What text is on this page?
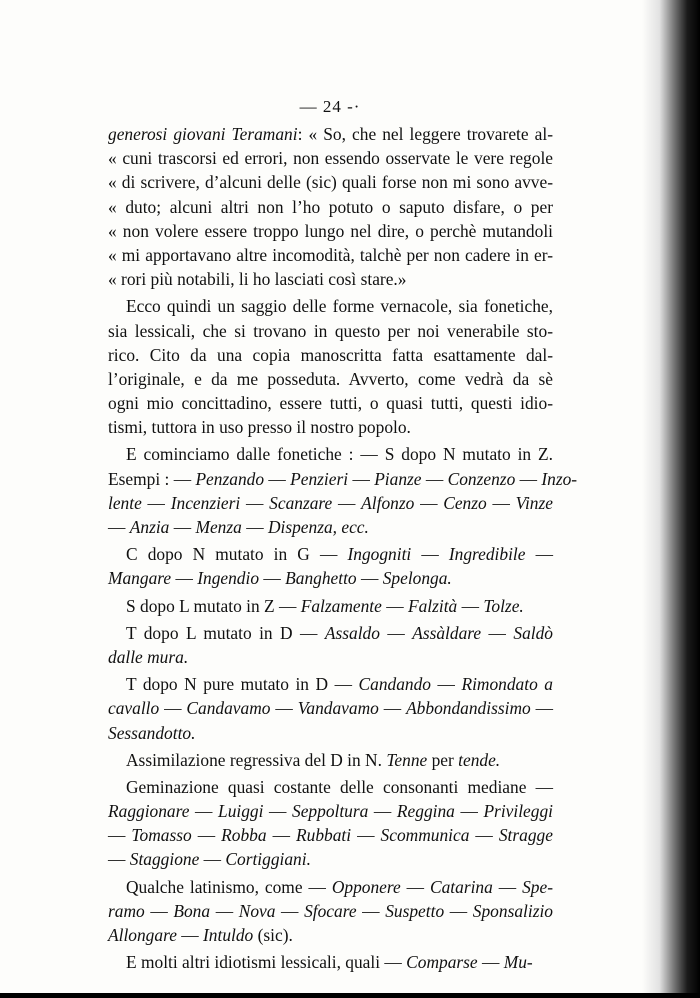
— 24 -·
generosi giovani Teramani: « So, che nel leggere trovarete al-
« cuni trascorsi ed errori, non essendo osservate le vere regole
« di scrivere, d’alcuni delle (sic) quali forse non mi sono avve-
« duto; alcuni altri non l’ho potuto o saputo disfare, o per
« non volere essere troppo lungo nel dire, o perchè mutandoli
« mi apportavano altre incomodità, talchè per non cadere in er-
« rori più notabili, li ho lasciati così stare.»
Ecco quindi un saggio delle forme vernacole, sia fonetiche,
sia lessicali, che si trovano in questo per noi venerabile sto-
rico. Cito da una copia manoscritta fatta esattamente dal-
l’originale, e da me posseduta. Avverto, come vedrà da sè
ogni mio concittadino, essere tutti, o quasi tutti, questi idio-
tismi, tuttora in uso presso il nostro popolo.
E cominciamo dalle fonetiche : — S dopo N mutato in Z.
Esempi : — Penzando — Penzieri — Pianze — Conzenzo — Inzo-
lente — Incenzieri — Scanzare — Alfonzo — Cenzo — Vinze
— Anzia — Menza — Dispenza, ecc.
C dopo N mutato in G — Ingogniti — Ingredibile —
Mangare — Ingendio — Banghetto — Spelonga.
S dopo L mutato in Z — Falzamente — Falzità — Tolze.
T dopo L mutato in D — Assaldo — Assàldare — Saldò
dalle mura.
T dopo N pure mutato in D — Candando — Rimondato a
cavallo — Candavamo — Vandavamo — Abbondandissimo —
Sessandotto.
Assimilazione regressiva del D in N. Tenne per tende.
Geminazione quasi costante delle consonanti mediane —
Raggionare — Luiggi — Seppoltura — Reggina — Privileggi
— Tomasso — Robba — Rubbati — Scommunica — Stragge
— Staggione — Cortiggiani.
Qualche latinismo, come — Opponere — Catarina — Spe-
ramo — Bona — Nova — Sfocare — Suspetto — Sponsalizio
Allongare — Intuldo (sic).
E molti altri idiotismi lessicali, quali — Comparse — Mu-
